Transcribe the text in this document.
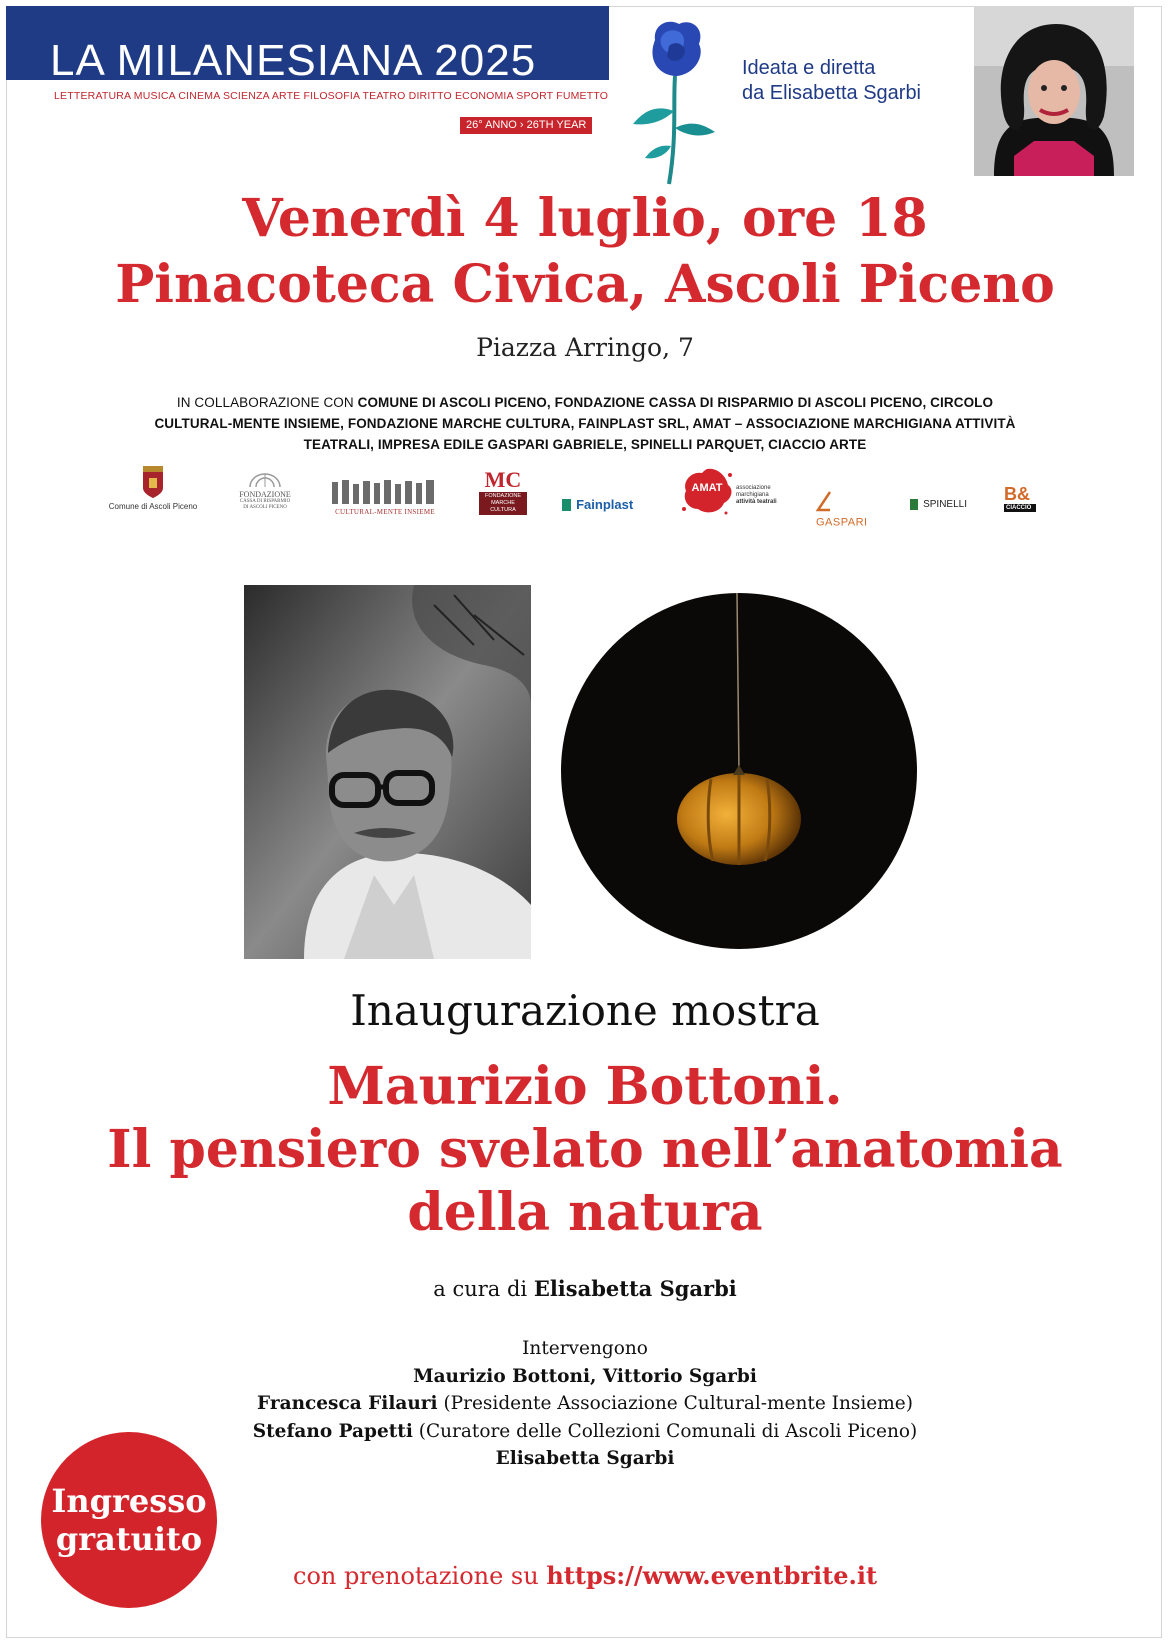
LA MILANESIANA 2025
LETTERATURA MUSICA CINEMA SCIENZA ARTE FILOSOFIA TEATRO DIRITTO ECONOMIA SPORT FUMETTO
26° ANNO › 26TH YEAR
Ideata e diretta
da Elisabetta Sgarbi
Venerdì 4 luglio, ore 18
Pinacoteca Civica, Ascoli Piceno
Piazza Arringo, 7
IN COLLABORAZIONE CON COMUNE DI ASCOLI PICENO, FONDAZIONE CASSA DI RISPARMIO DI ASCOLI PICENO, CIRCOLO CULTURAL-MENTE INSIEME, FONDAZIONE MARCHE CULTURA, FAINPLAST SRL, AMAT – ASSOCIAZIONE MARCHIGIANA ATTIVITÀ TEATRALI, IMPRESA EDILE GASPARI GABRIELE, SPINELLI PARQUET, CIACCIO ARTE
Comune di Ascoli Piceno
FONDAZIONE
CASSA DI RISPARMIO
DI ASCOLI PICENO
CULTURAL-MENTE INSIEME
MC
FONDAZIONE
MARCHE CULTURA	Fainplast
AMAT	associazione
marchigiana
attività teatrali
GASPARI
SPINELLI
B&
CIACCIO
Inaugurazione mostra
Maurizio Bottoni.
Il pensiero svelato nell’anatomia
della natura
a cura di Elisabetta Sgarbi
Intervengono
Maurizio Bottoni, Vittorio Sgarbi
Francesca Filauri (Presidente Associazione Cultural-mente Insieme)
Stefano Papetti (Curatore delle Collezioni Comunali di Ascoli Piceno)
Elisabetta Sgarbi
Ingresso
gratuito
con prenotazione su https://www.eventbrite.it
